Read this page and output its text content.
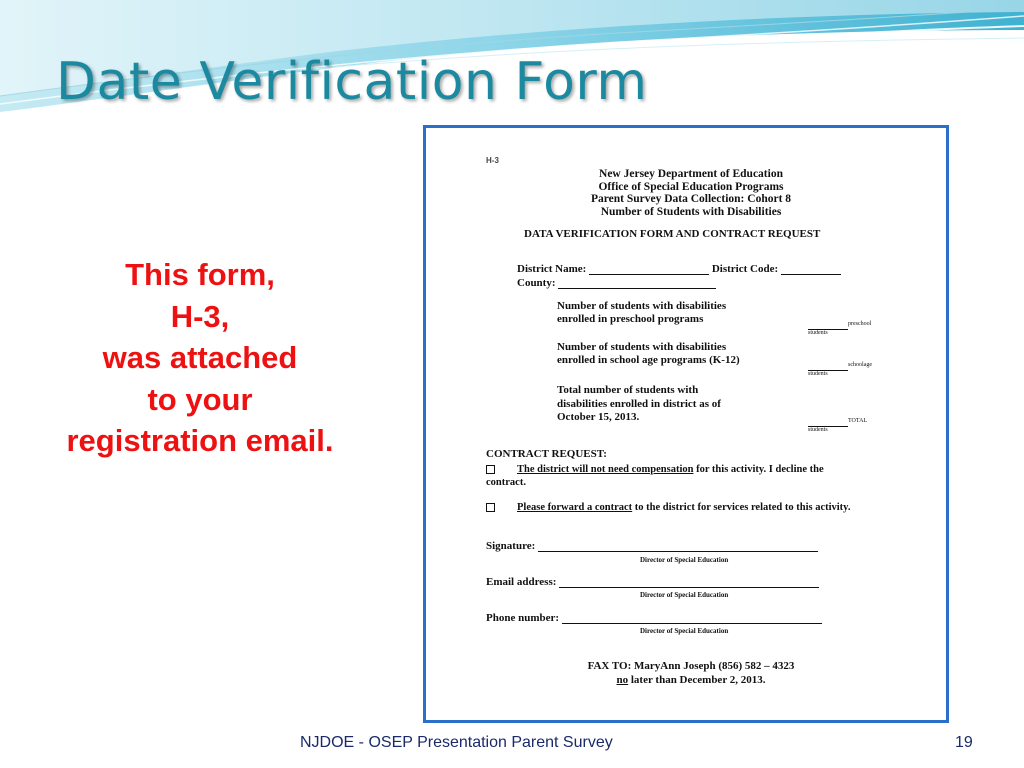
Date Verification Form
This form,
H-3,
was attached
to your
registration email.
H-3
New Jersey Department of Education
Office of Special Education Programs
Parent Survey Data Collection: Cohort 8
Number of Students with Disabilities
DATA VERIFICATION FORM AND CONTRACT REQUEST
District Name:	District Code:
County:
Number of students with disabilities
enrolled in preschool programs	preschool
students
Number of students with disabilities
enrolled in school age programs (K-12)	schoolage
students
Total number of students with
disabilities enrolled in district as of
October 15, 2013.	TOTAL
students
CONTRACT REQUEST:
The district will not need compensation for this activity. I decline the
contract.
Please forward a contract to the district for services related to this activity.
Signature:
Director of Special Education
Email address:
Director of Special Education
Phone number:
Director of Special Education
FAX TO: MaryAnn Joseph (856) 582 – 4323
no later than December 2, 2013.
NJDOE - OSEP Presentation Parent Survey	19
